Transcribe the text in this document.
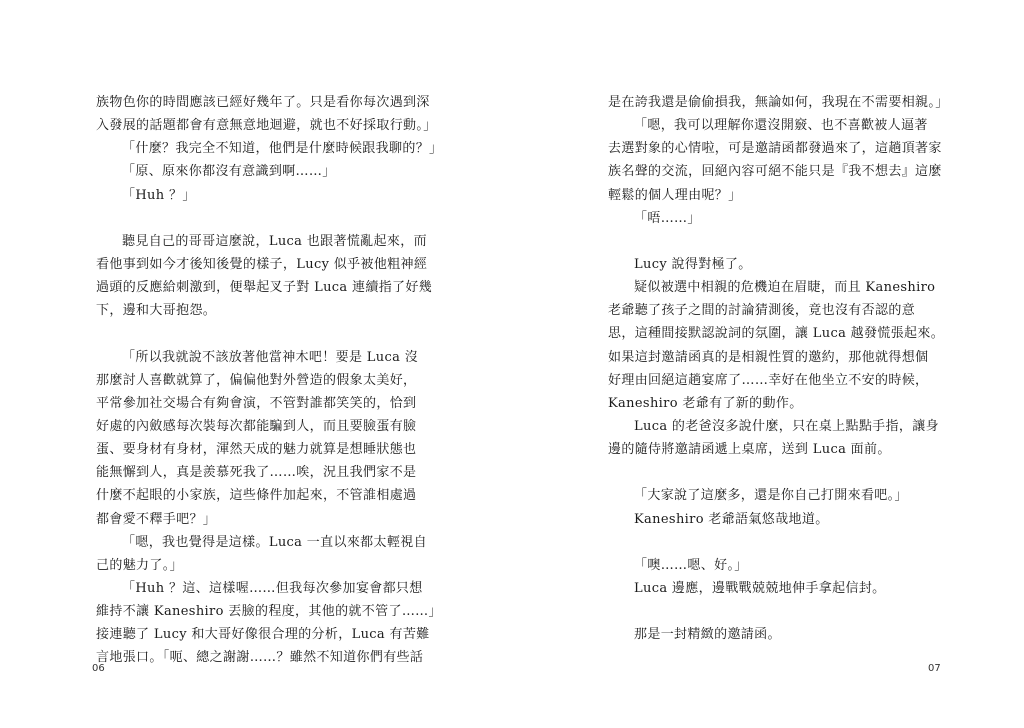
族物色你的時間應該已經好幾年了。只是看你每次遇到深
入發展的話題都會有意無意地迴避，就也不好採取行動。」
「什麼？我完全不知道，他們是什麼時候跟我聊的？」
「原、原來你都沒有意識到啊……」
「Huh ？」
聽見自己的哥哥這麼說，Luca 也跟著慌亂起來，而
看他事到如今才後知後覺的樣子，Lucy 似乎被他粗神經
過頭的反應給刺激到，便舉起叉子對 Luca 連續指了好幾
下，邊和大哥抱怨。
「所以我就說不該放著他當神木吧！要是 Luca 沒
那麼討人喜歡就算了，偏偏他對外營造的假象太美好，
平常參加社交場合有夠會演，不管對誰都笑笑的，恰到
好處的內斂感每次裝每次都能騙到人，而且要臉蛋有臉
蛋、要身材有身材，渾然天成的魅力就算是想睡狀態也
能無懈到人，真是羨慕死我了……唉，況且我們家不是
什麼不起眼的小家族，這些條件加起來，不管誰相處過
都會愛不釋手吧？」
「嗯，我也覺得是這樣。Luca 一直以來都太輕視自
己的魅力了。」
「Huh ？這、這樣喔……但我每次參加宴會都只想
維持不讓 Kaneshiro 丟臉的程度，其他的就不管了……」
接連聽了 Lucy 和大哥好像很合理的分析，Luca 有苦難
言地張口。「呃、總之謝謝……？雖然不知道你們有些話
06
是在誇我還是偷偷損我，無論如何，我現在不需要相親。」
「嗯，我可以理解你還沒開竅、也不喜歡被人逼著
去選對象的心情啦，可是邀請函都發過來了，這趟頂著家
族名聲的交流，回絕內容可絕不能只是『我不想去』這麼
輕鬆的個人理由呢？」
「唔……」
Lucy 說得對極了。
疑似被選中相親的危機迫在眉睫，而且 Kaneshiro
老爺聽了孩子之間的討論猜測後，竟也沒有否認的意
思，這種間接默認說詞的氛圍，讓 Luca 越發慌張起來。
如果這封邀請函真的是相親性質的邀約，那他就得想個
好理由回絕這趟宴席了……幸好在他坐立不安的時候，
Kaneshiro 老爺有了新的動作。
Luca 的老爸沒多說什麼，只在桌上點點手指，讓身
邊的隨侍將邀請函遞上桌席，送到 Luca 面前。
「大家說了這麼多，還是你自己打開來看吧。」
Kaneshiro 老爺語氣悠哉地道。
「噢……嗯、好。」
Luca 邊應，邊戰戰兢兢地伸手拿起信封。
那是一封精緻的邀請函。
07
